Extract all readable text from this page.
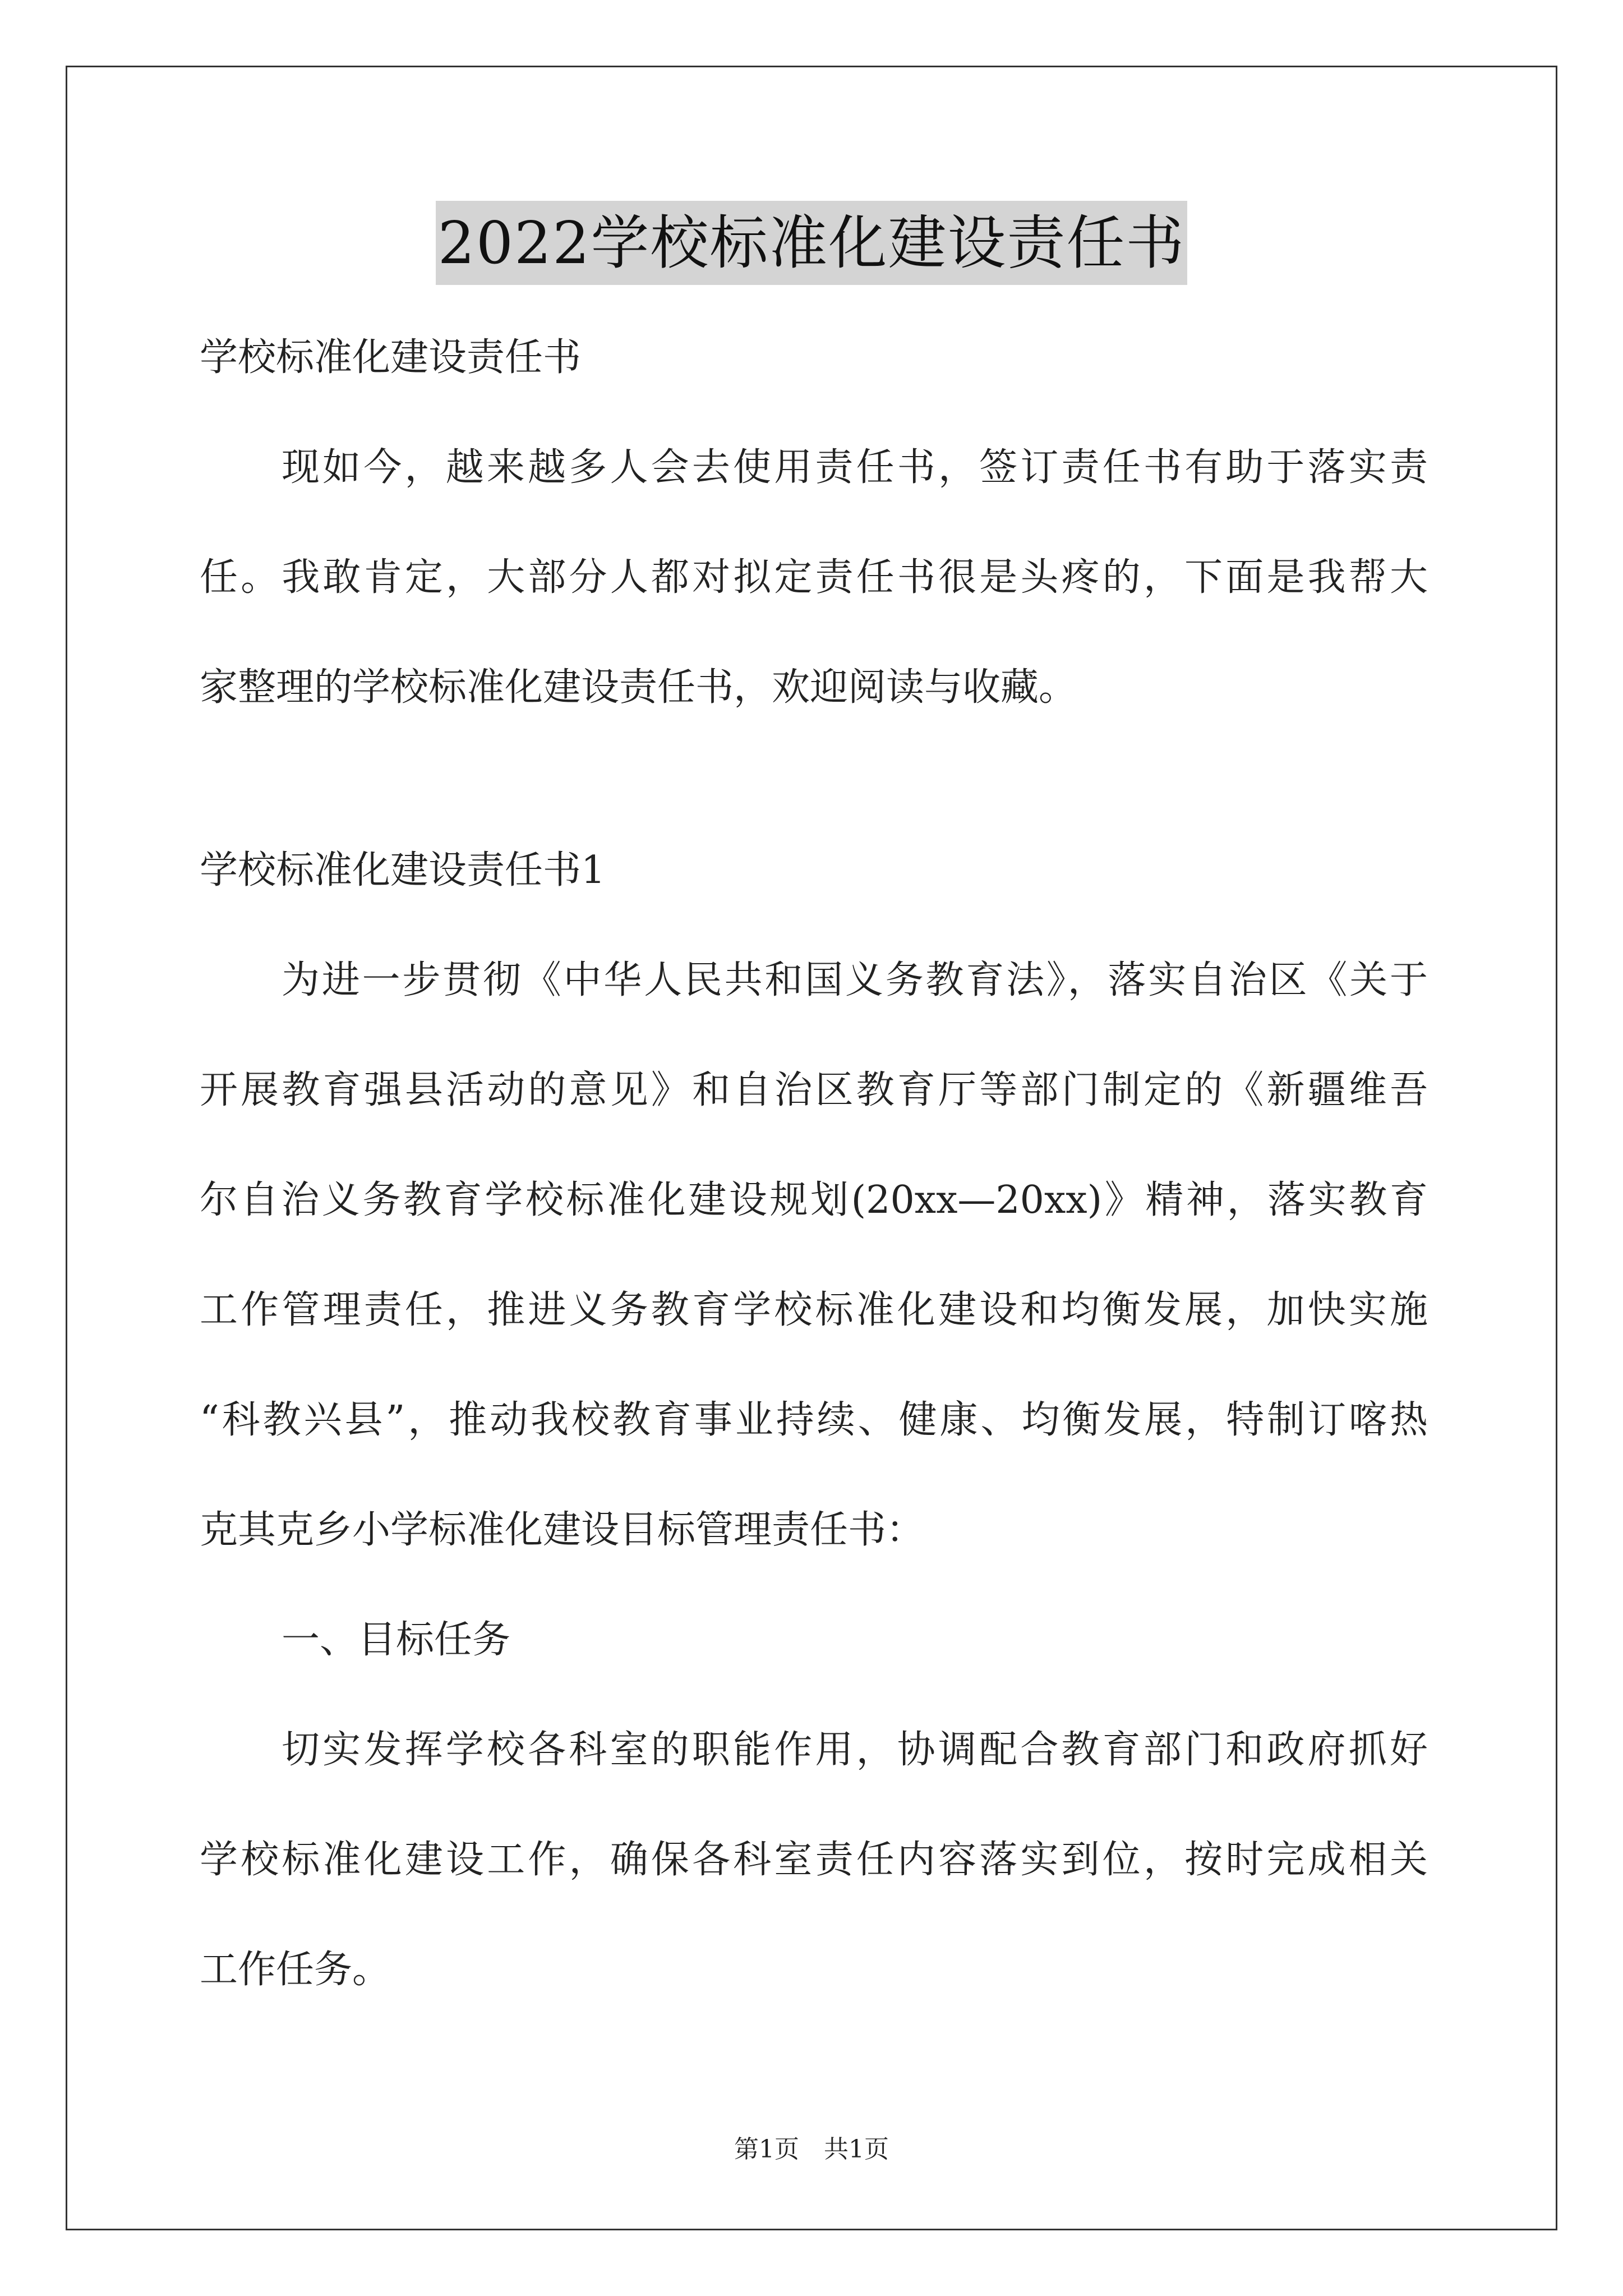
2022学校标准化建设责任书

学校标准化建设责任书

现如今，越来越多人会去使用责任书，签订责任书有助于落实责

任。我敢肯定，大部分人都对拟定责任书很是头疼的，下面是我帮大

家整理的学校标准化建设责任书，欢迎阅读与收藏。

学校标准化建设责任书1

为进一步贯彻《中华人民共和国义务教育法》，落实自治区《关于

开展教育强县活动的意见》和自治区教育厅等部门制定的《新疆维吾

尔自治义务教育学校标准化建设规划(20xx—20xx)》精神，落实教育

工作管理责任，推进义务教育学校标准化建设和均衡发展，加快实施

“科教兴县”，推动我校教育事业持续、健康、均衡发展，特制订喀热

克其克乡小学标准化建设目标管理责任书：

一、目标任务

切实发挥学校各科室的职能作用，协调配合教育部门和政府抓好

学校标准化建设工作，确保各科室责任内容落实到位，按时完成相关

工作任务。

第1页　共1页
